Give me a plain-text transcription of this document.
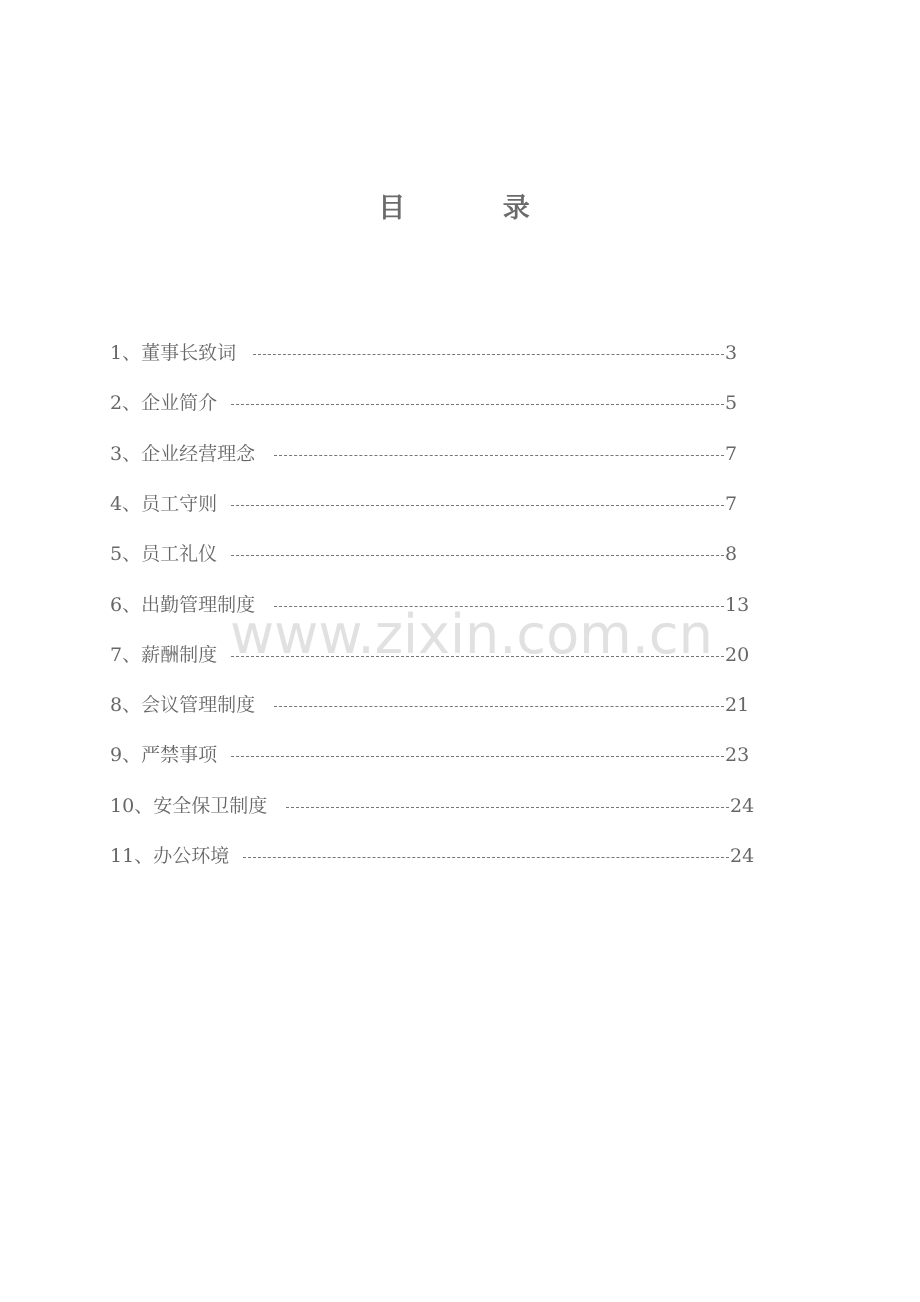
目    录
1、董事长致词	3
2、企业简介	5
3、企业经营理念	7
4、员工守则	7
5、员工礼仪	8
6、出勤管理制度	13
7、薪酬制度	20
8、会议管理制度	21
9、严禁事项	23
10、安全保卫制度	24
11、办公环境	24
www.zixin.com.cn
